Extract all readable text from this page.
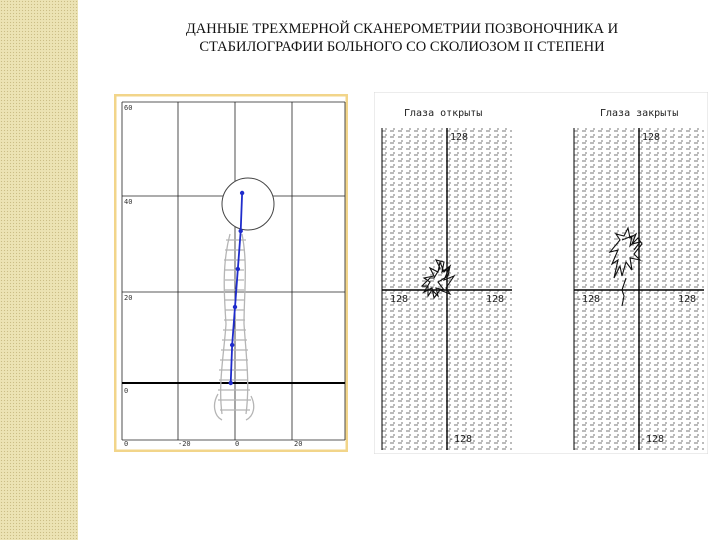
ДАННЫЕ ТРЕХМЕРНОЙ СКАНЕРОМЕТРИИ ПОЗВОНОЧНИКА И
СТАБИЛОГРАФИИ БОЛЬНОГО СО СКОЛИОЗОМ II СТЕПЕНИ
60
40
20
0
0	-20	0	20
Глаза открыты
128
-128	128
-128
Глаза закрыты
128
-128	128
-128
